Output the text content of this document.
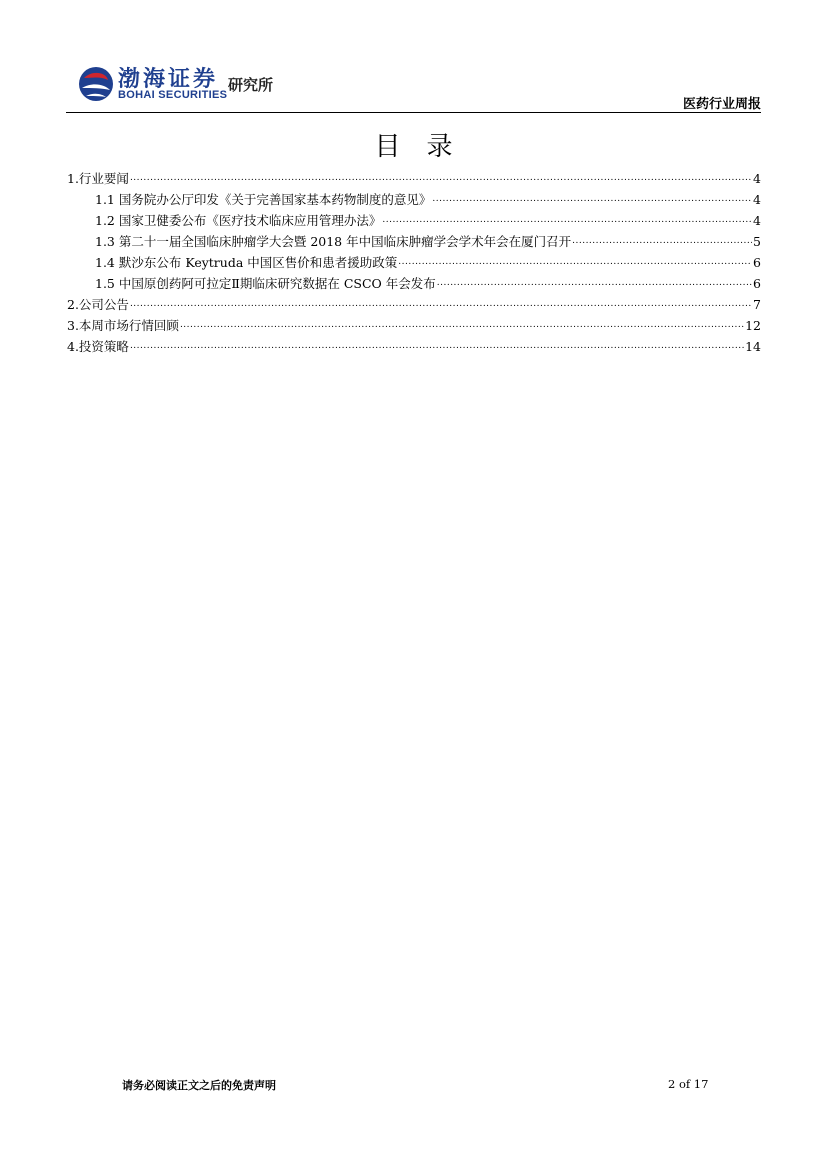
渤海证券
BOHAI SECURITIES
研究所
医药行业周报
目录
1.行业要闻 .....	4
1.1 国务院办公厅印发《关于完善国家基本药物制度的意见》 .....	4
1.2 国家卫健委公布《医疗技术临床应用管理办法》 .....	4
1.3 第二十一届全国临床肿瘤学大会暨 2018 年中国临床肿瘤学会学术年会在厦门召开 .....	5
1.4 默沙东公布 Keytruda 中国区售价和患者援助政策 .....	6
1.5 中国原创药阿可拉定Ⅱ期临床研究数据在 CSCO 年会发布 .....	6
2.公司公告 .....	7
3.本周市场行情回顾 .....	12
4.投资策略 .....	14
请务必阅读正文之后的免责声明	2 of 17
